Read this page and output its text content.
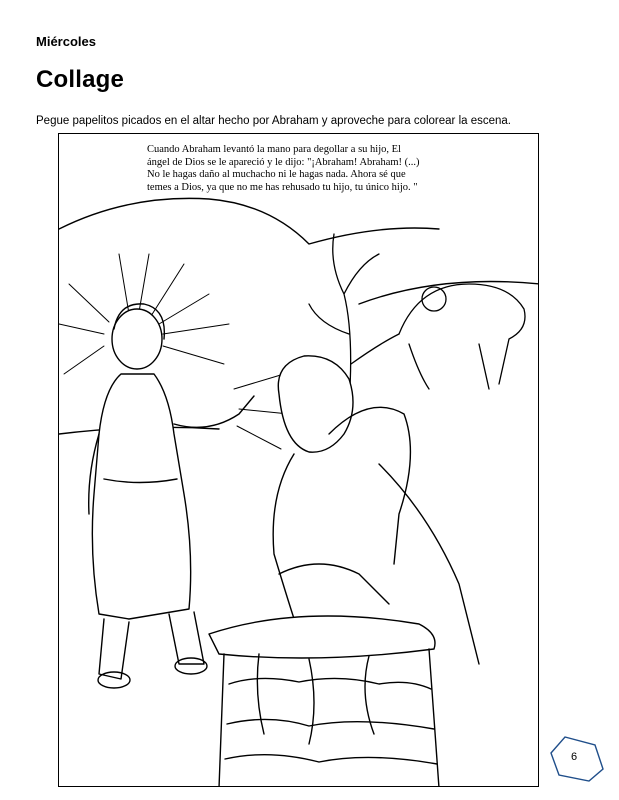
Miércoles
Collage
Pegue papelitos picados en el altar hecho por Abraham y aproveche para colorear la escena.
Cuando Abraham levantó la mano para degollar a su hijo, El
ángel de Dios se le apareció y le dijo: "¡Abraham! Abraham! (...)
No le hagas daño al muchacho ni le hagas nada. Ahora sé que
temes a Dios, ya que no me has rehusado tu hijo, tu único hijo. "
6
